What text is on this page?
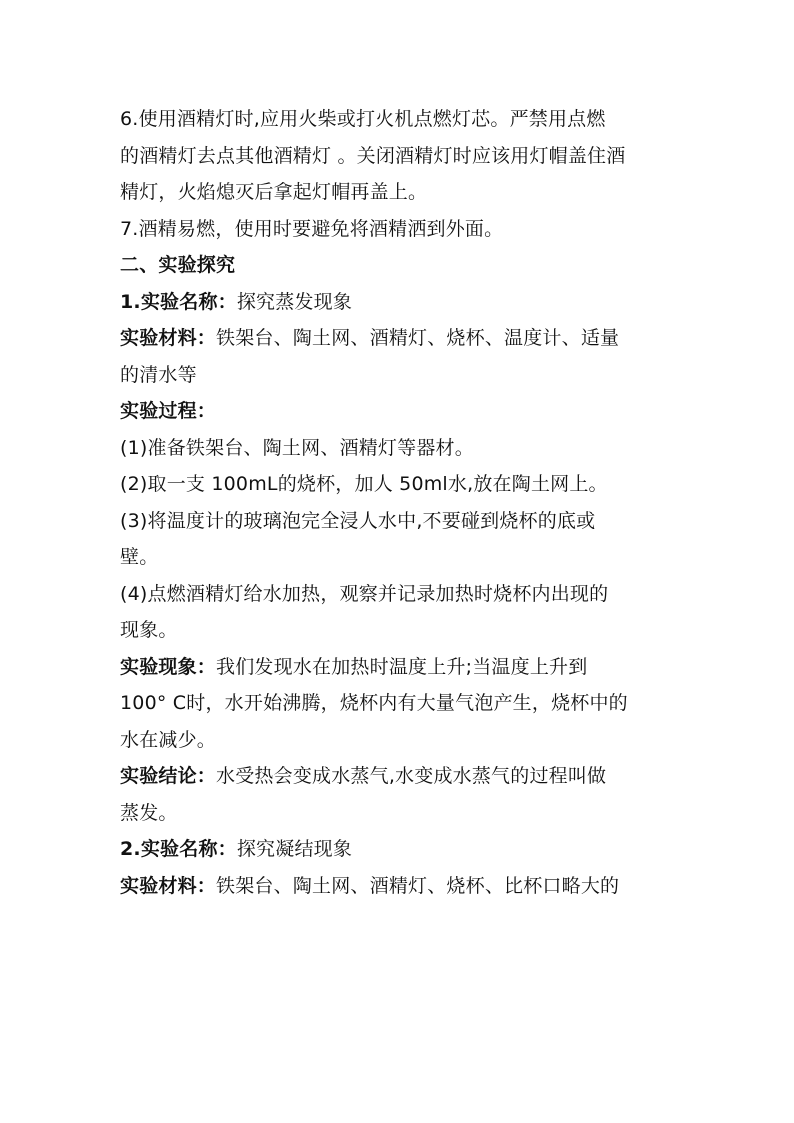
6.使用酒精灯时,应用火柴或打火机点燃灯芯。严禁用点燃
的酒精灯去点其他酒精灯 。关闭酒精灯时应该用灯帽盖住酒
精灯，火焰熄灭后拿起灯帽再盖上。
7.酒精易燃，使用时要避免将酒精洒到外面。
二、实验探究
1.实验名称：探究蒸发现象
实验材料：铁架台、陶土网、酒精灯、烧杯、温度计、适量
的清水等
实验过程：
(1)准备铁架台、陶土网、酒精灯等器材。
(2)取一支 100mL的烧杯，加人 50ml水,放在陶土网上。
(3)将温度计的玻璃泡完全浸人水中,不要碰到烧杯的底或
壁。
(4)点燃酒精灯给水加热，观察并记录加热时烧杯内出现的
现象。
实验现象：我们发现水在加热时温度上升;当温度上升到
100° C时，水开始沸腾，烧杯内有大量气泡产生，烧杯中的
水在减少。
实验结论：水受热会变成水蒸气,水变成水蒸气的过程叫做
蒸发。
2.实验名称：探究凝结现象
实验材料：铁架台、陶土网、酒精灯、烧杯、比杯口略大的
